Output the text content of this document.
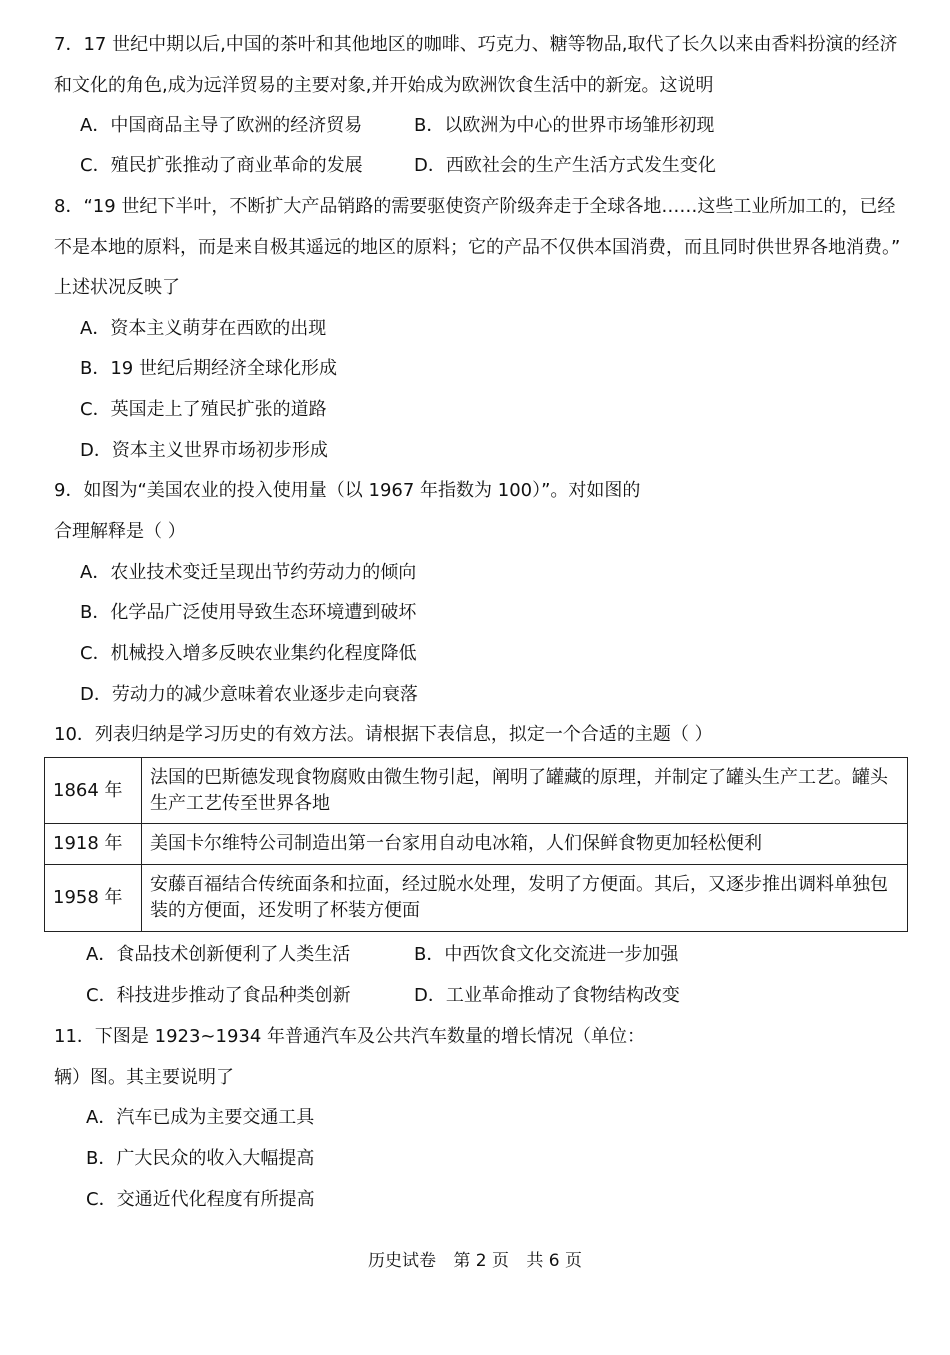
7．17 世纪中期以后,中国的茶叶和其他地区的咖啡、巧克力、糖等物品,取代了长久以来由香料扮演的经济
和文化的角色,成为远洋贸易的主要对象,并开始成为欧洲饮食生活中的新宠。这说明
A．中国商品主导了欧洲的经济贸易	B．以欧洲为中心的世界市场雏形初现
C．殖民扩张推动了商业革命的发展	D．西欧社会的生产生活方式发生变化
8．“19 世纪下半叶，不断扩大产品销路的需要驱使资产阶级奔走于全球各地……这些工业所加工的，已经
不是本地的原料，而是来自极其遥远的地区的原料；它的产品不仅供本国消费，而且同时供世界各地消费。”
上述状况反映了
A．资本主义萌芽在西欧的出现
B．19 世纪后期经济全球化形成
C．英国走上了殖民扩张的道路
D．资本主义世界市场初步形成
9．如图为“美国农业的投入使用量（以 1967 年指数为 100）”。对如图的
合理解释是（ ）
A．农业技术变迁呈现出节约劳动力的倾向
B．化学品广泛使用导致生态环境遭到破坏
C．机械投入增多反映农业集约化程度降低
D．劳动力的减少意味着农业逐步走向衰落
10．列表归纳是学习历史的有效方法。请根据下表信息，拟定一个合适的主题（ ）
1864 年	法国的巴斯德发现食物腐败由微生物引起，阐明了罐藏的原理，并制定了罐头生产工艺。罐头生产工艺传至世界各地
1918 年	美国卡尔维特公司制造出第一台家用自动电冰箱，人们保鲜食物更加轻松便利
1958 年	安藤百福结合传统面条和拉面，经过脱水处理，发明了方便面。其后，又逐步推出调料单独包装的方便面，还发明了杯装方便面
A．食品技术创新便利了人类生活	B．中西饮食文化交流进一步加强
C．科技进步推动了食品种类创新	D．工业革命推动了食物结构改变
11．下图是 1923~1934 年普通汽车及公共汽车数量的增长情况（单位：
辆）图。其主要说明了
A．汽车已成为主要交通工具
B．广大民众的收入大幅提高
C．交通近代化程度有所提高
历史试卷 第 2 页 共 6 页
